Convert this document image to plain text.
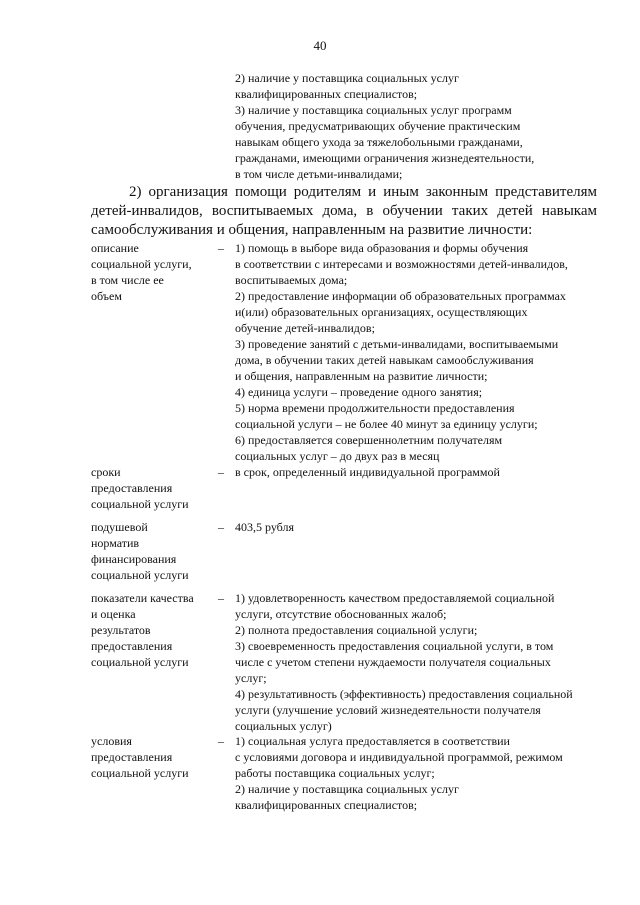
40
2) наличие у поставщика социальных услуг
квалифицированных специалистов;
3) наличие у поставщика социальных услуг программ
обучения, предусматривающих обучение практическим
навыкам общего ухода за тяжелобольными гражданами,
гражданами, имеющими ограничения жизнедеятельности,
в том числе детьми-инвалидами;
2) организация помощи родителям и иным законным представителям детей-инвалидов, воспитываемых дома, в обучении таких детей навыкам самообслуживания и общения, направленным на развитие личности:
описание
социальной услуги,
в том числе ее
объем
– 1) помощь в выборе вида образования и формы обучения
в соответствии с интересами и возможностями детей-инвалидов,
воспитываемых дома;
2) предоставление информации об образовательных программах
и(или) образовательных организациях, осуществляющих
обучение детей-инвалидов;
3) проведение занятий с детьми-инвалидами, воспитываемыми
дома, в обучении таких детей навыкам самообслуживания
и общения, направленным на развитие личности;
4) единица услуги – проведение одного занятия;
5) норма времени продолжительности предоставления
социальной услуги – не более 40 минут за единицу услуги;
6) предоставляется совершеннолетним получателям
социальных услуг – до двух раз в месяц
сроки
предоставления
социальной услуги
– в срок, определенный индивидуальной программой
подушевой
норматив
финансирования
социальной услуги
– 403,5 рубля
показатели качества
и оценка
результатов
предоставления
социальной услуги
– 1) удовлетворенность качеством предоставляемой социальной
услуги, отсутствие обоснованных жалоб;
2) полнота предоставления социальной услуги;
3) своевременность предоставления социальной услуги, в том
числе с учетом степени нуждаемости получателя социальных
услуг;
4) результативность (эффективность) предоставления социальной
услуги (улучшение условий жизнедеятельности получателя
социальных услуг)
условия
предоставления
социальной услуги
– 1) социальная услуга предоставляется в соответствии
с условиями договора и индивидуальной программой, режимом
работы поставщика социальных услуг;
2) наличие у поставщика социальных услуг
квалифицированных специалистов;
